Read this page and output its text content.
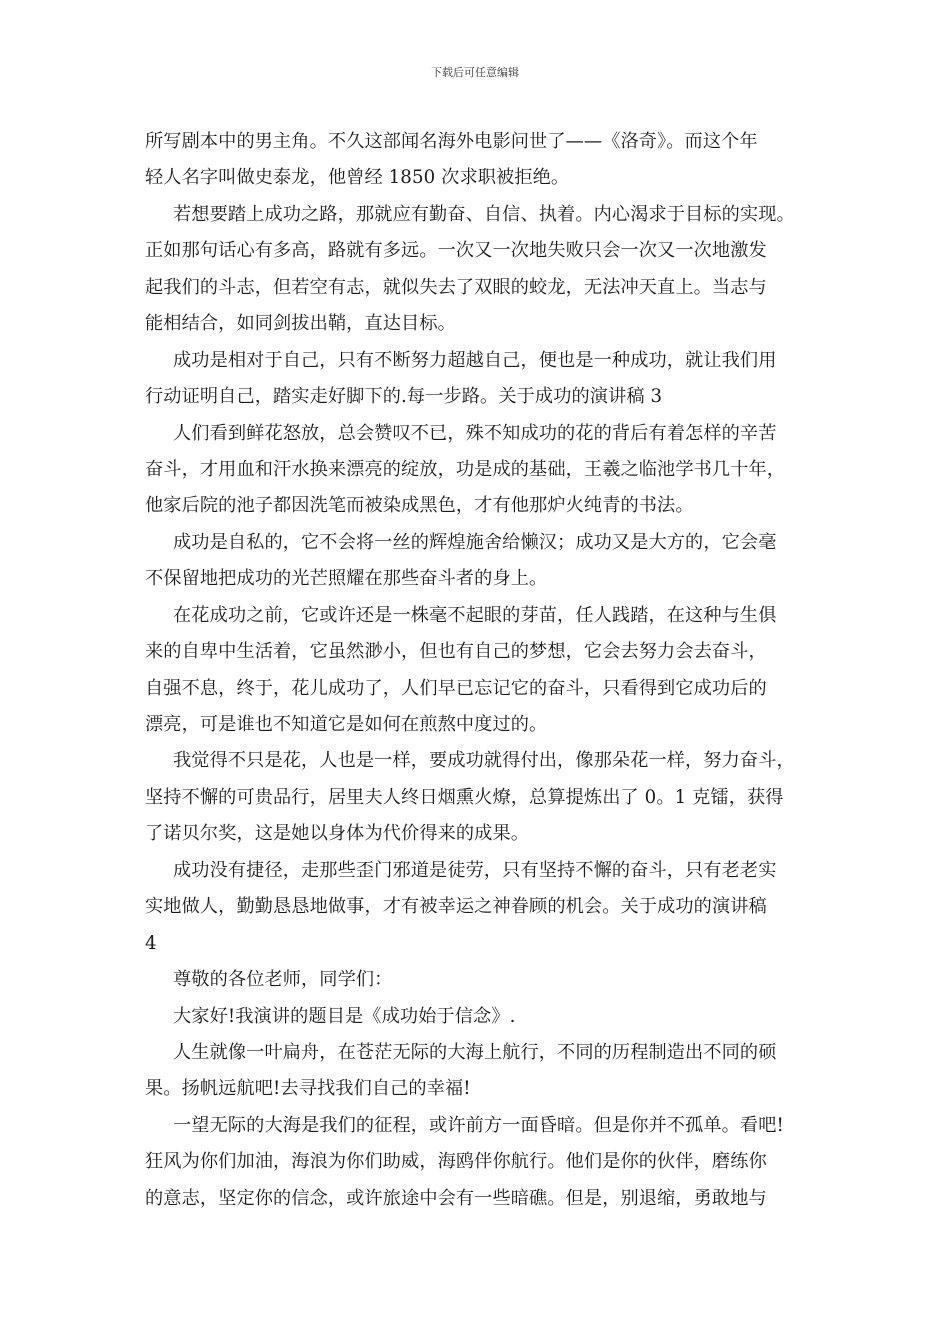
下载后可任意编辑
所写剧本中的男主角。不久这部闻名海外电影问世了——《洛奇》。而这个年
轻人名字叫做史泰龙，他曾经 1850 次求职被拒绝。
若想要踏上成功之路，那就应有勤奋、自信、执着。内心渴求于目标的实现。
正如那句话心有多高，路就有多远。一次又一次地失败只会一次又一次地激发
起我们的斗志，但若空有志，就似失去了双眼的蛟龙，无法冲天直上。当志与
能相结合，如同剑拔出鞘，直达目标。
成功是相对于自己，只有不断努力超越自己，便也是一种成功，就让我们用
行动证明自己，踏实走好脚下的.每一步路。关于成功的演讲稿 3
人们看到鲜花怒放，总会赞叹不已，殊不知成功的花的背后有着怎样的辛苦
奋斗，才用血和汗水换来漂亮的绽放，功是成的基础，王羲之临池学书几十年，
他家后院的池子都因洗笔而被染成黑色，才有他那炉火纯青的书法。
成功是自私的，它不会将一丝的辉煌施舍给懒汉；成功又是大方的，它会毫
不保留地把成功的光芒照耀在那些奋斗者的身上。
在花成功之前，它或许还是一株毫不起眼的芽苗，任人践踏，在这种与生俱
来的自卑中生活着，它虽然渺小，但也有自己的梦想，它会去努力会去奋斗，
自强不息，终于，花儿成功了，人们早已忘记它的奋斗，只看得到它成功后的
漂亮，可是谁也不知道它是如何在煎熬中度过的。
我觉得不只是花，人也是一样，要成功就得付出，像那朵花一样，努力奋斗，
坚持不懈的可贵品行，居里夫人终日烟熏火燎，总算提炼出了 0。1 克镭，获得
了诺贝尔奖，这是她以身体为代价得来的成果。
成功没有捷径，走那些歪门邪道是徒劳，只有坚持不懈的奋斗，只有老老实
实地做人，勤勤恳恳地做事，才有被幸运之神眷顾的机会。关于成功的演讲稿
4
尊敬的各位老师，同学们：
大家好!我演讲的题目是《成功始于信念》.
人生就像一叶扁舟，在苍茫无际的大海上航行，不同的历程制造出不同的硕
果。扬帆远航吧!去寻找我们自己的幸福!
一望无际的大海是我们的征程，或许前方一面昏暗。但是你并不孤单。看吧!
狂风为你们加油，海浪为你们助威，海鸥伴你航行。他们是你的伙伴，磨练你
的意志，坚定你的信念，或许旅途中会有一些暗礁。但是，别退缩，勇敢地与
